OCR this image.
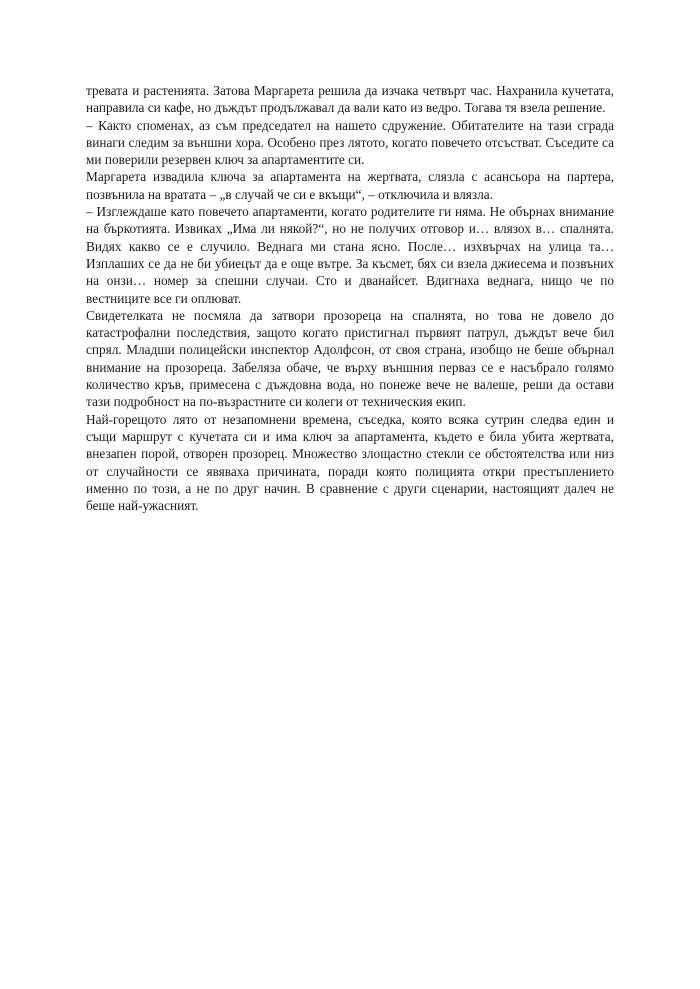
тревата и растенията. Затова Маргарета решила да изчака четвърт час. Нахранила кучетата, направила си кафе, но дъждът продължавал да вали като из ведро. Тогава тя взела решение.

– Както споменах, аз съм председател на нашето сдружение. Обитателите на тази сграда винаги следим за външни хора. Особено през лятото, когато повечето отсъстват. Съседите са ми поверили резервен ключ за апартаментите си.

Маргарета извадила ключа за апартамента на жертвата, слязла с асансьора на партера, позвънила на вратата – „в случай че си е вкъщи“, – отключила и влязла.

– Изглеждаше като повечето апартаменти, когато родителите ги няма. Не обърнах внимание на бъркотията. Извиках „Има ли някой?“, но не получих отговор и… влязох в… спалнята. Видях какво се е случило. Веднага ми стана ясно. После… изхвърчах на улица та… Изплаших се да не би убиецът да е още вътре. За късмет, бях си взела джиесема и позвъних на онзи… номер за спешни случаи. Сто и дванайсет. Вдигнаха веднага, нищо че по вестниците все ги оплюват.

Свидетелката не посмяла да затвори прозореца на спалнята, но това не довело до катастрофални последствия, защото когато пристигнал първият патрул, дъждът вече бил спрял. Младши полицейски инспектор Адолфсон, от своя страна, изобщо не беше обърнал внимание на прозореца. Забеляза обаче, че върху външния перваз се е насъбрало голямо количество кръв, примесена с дъждовна вода, но понеже вече не валеше, реши да остави тази подробност на по-възрастните си колеги от техническия екип.

Най-горещото лято от незапомнени времена, съседка, която всяка сутрин следва един и същи маршрут с кучетата си и има ключ за апартамента, където е била убита жертвата, внезапен порой, отворен прозорец. Множество злощастно стекли се обстоятелства или низ от случайности се явяваха причината, поради която полицията откри престъплението именно по този, а не по друг начин. В сравнение с други сценарии, настоящият далеч не беше най-ужасният.
